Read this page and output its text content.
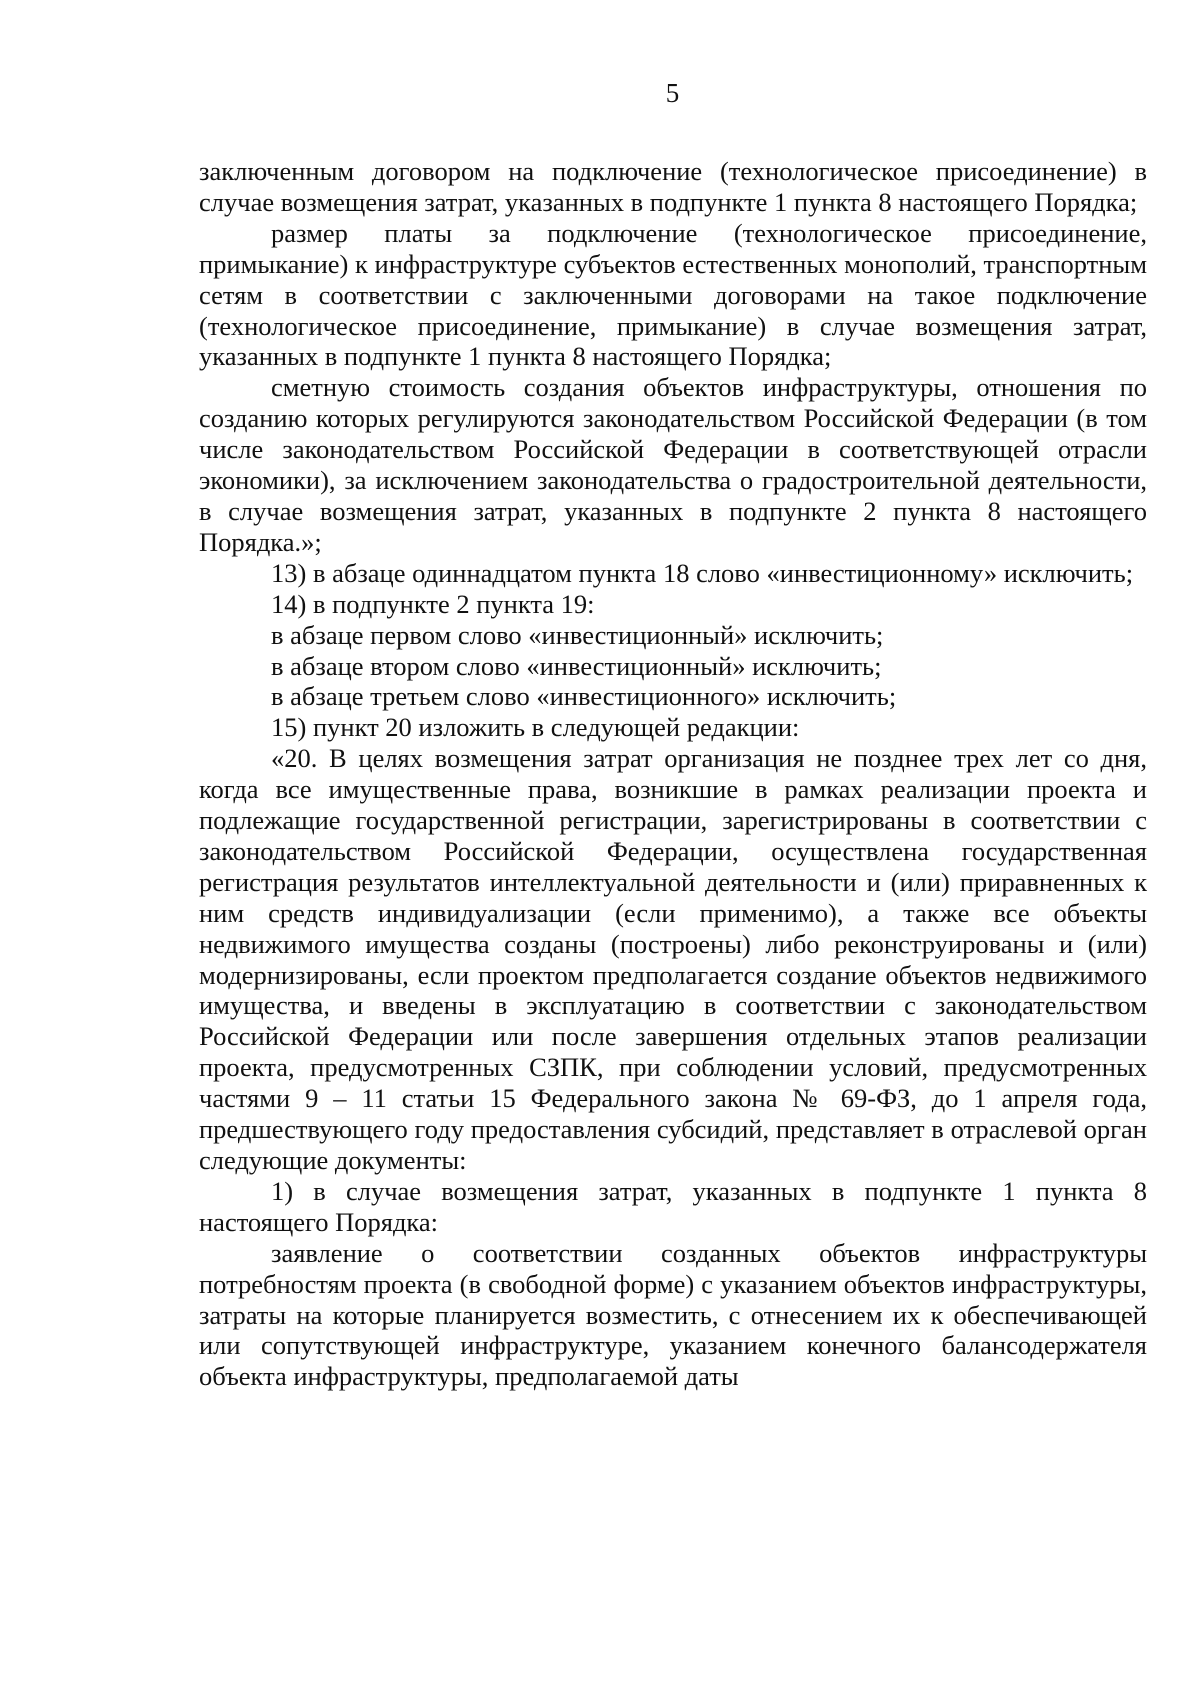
5

заключенным договором на подключение (технологическое присоединение) в случае возмещения затрат, указанных в подпункте 1 пункта 8 настоящего Порядка;

размер платы за подключение (технологическое присоединение, примыкание) к инфраструктуре субъектов естественных монополий, транспортным сетям в соответствии с заключенными договорами на такое подключение (технологическое присоединение, примыкание) в случае возмещения затрат, указанных в подпункте 1 пункта 8 настоящего Порядка;

сметную стоимость создания объектов инфраструктуры, отношения по созданию которых регулируются законодательством Российской Федерации (в том числе законодательством Российской Федерации в соответствующей отрасли экономики), за исключением законодательства о градостроительной деятельности, в случае возмещения затрат, указанных в подпункте 2 пункта 8 настоящего Порядка.»;

13) в абзаце одиннадцатом пункта 18 слово «инвестиционному» исключить;

14) в подпункте 2 пункта 19:

в абзаце первом слово «инвестиционный» исключить;

в абзаце втором слово «инвестиционный» исключить;

в абзаце третьем слово «инвестиционного» исключить;

15) пункт 20 изложить в следующей редакции:

«20. В целях возмещения затрат организация не позднее трех лет со дня, когда все имущественные права, возникшие в рамках реализации проекта и подлежащие государственной регистрации, зарегистрированы в соответствии с законодательством Российской Федерации, осуществлена государственная регистрация результатов интеллектуальной деятельности и (или) приравненных к ним средств индивидуализации (если применимо), а также все объекты недвижимого имущества созданы (построены) либо реконструированы и (или) модернизированы, если проектом предполагается создание объектов недвижимого имущества, и введены в эксплуатацию в соответствии с законодательством Российской Федерации или после завершения отдельных этапов реализации проекта, предусмотренных СЗПК, при соблюдении условий, предусмотренных частями 9 – 11 статьи 15 Федерального закона № 69-ФЗ, до 1 апреля года, предшествующего году предоставления субсидий, представляет в отраслевой орган следующие документы:

1) в случае возмещения затрат, указанных в подпункте 1 пункта 8 настоящего Порядка:

заявление о соответствии созданных объектов инфраструктуры потребностям проекта (в свободной форме) с указанием объектов инфраструктуры, затраты на которые планируется возместить, с отнесением их к обеспечивающей или сопутствующей инфраструктуре, указанием конечного балансодержателя объекта инфраструктуры, предполагаемой даты
